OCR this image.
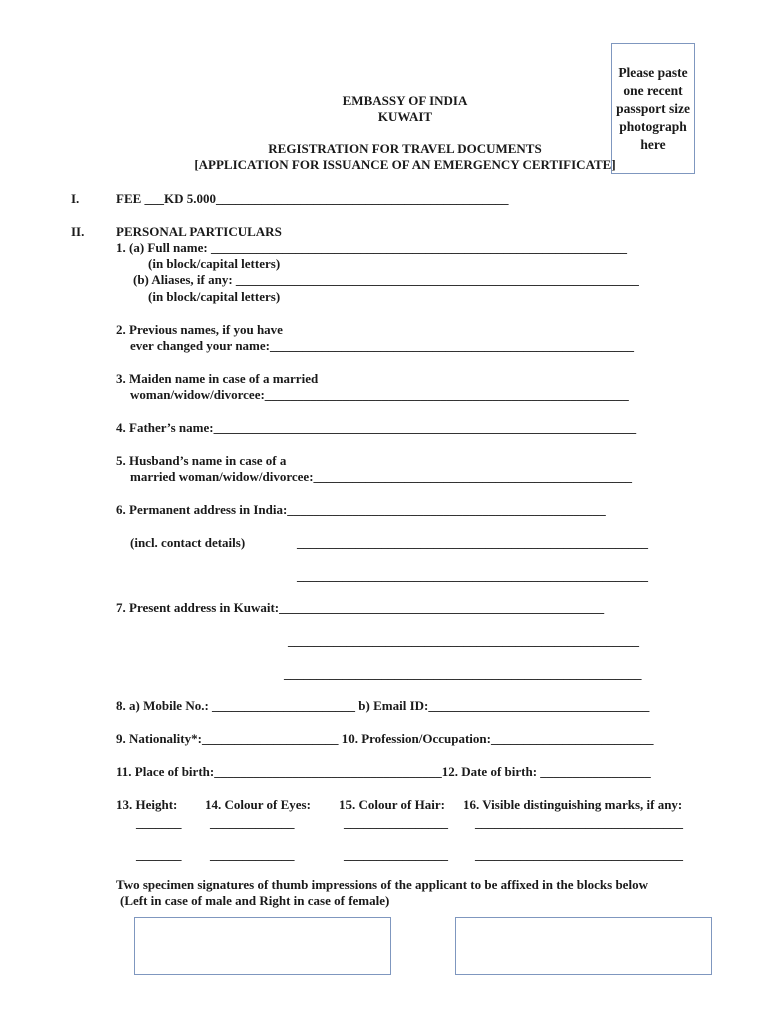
Please paste
one recent
passport size
photograph
here
EMBASSY OF INDIA
KUWAIT
REGISTRATION FOR TRAVEL DOCUMENTS
[APPLICATION FOR ISSUANCE OF AN EMERGENCY CERTIFICATE]
I.	FEE ___KD 5.000_____________________________________________
II. PERSONAL PARTICULARS
1. (a) Full name: ________________________________________________________________
(in block/capital letters)
(b) Aliases, if any: ______________________________________________________________
(in block/capital letters)
2. Previous names, if you have
ever changed your name:________________________________________________________
3. Maiden name in case of a married
woman/widow/divorcee:________________________________________________________
4. Father’s name:_________________________________________________________________
5. Husband’s name in case of a
married woman/widow/divorcee:_________________________________________________
6. Permanent address in India:_________________________________________________
(incl. contact details)	______________________________________________________
______________________________________________________
7. Present address in Kuwait:__________________________________________________
______________________________________________________
_______________________________________________________
8. a) Mobile No.: ______________________ b) Email ID:__________________________________
9. Nationality*:_____________________ 10. Profession/Occupation:_________________________
11. Place of birth:___________________________________12. Date of birth: _________________
13. Height: 14. Colour of Eyes: 15. Colour of Hair: 16. Visible distinguishing marks, if any:
_______ _____________	________________ ________________________________
_______ _____________	________________ ________________________________
Two specimen signatures of thumb impressions of the applicant to be affixed in the blocks below
(Left in case of male and Right in case of female)
